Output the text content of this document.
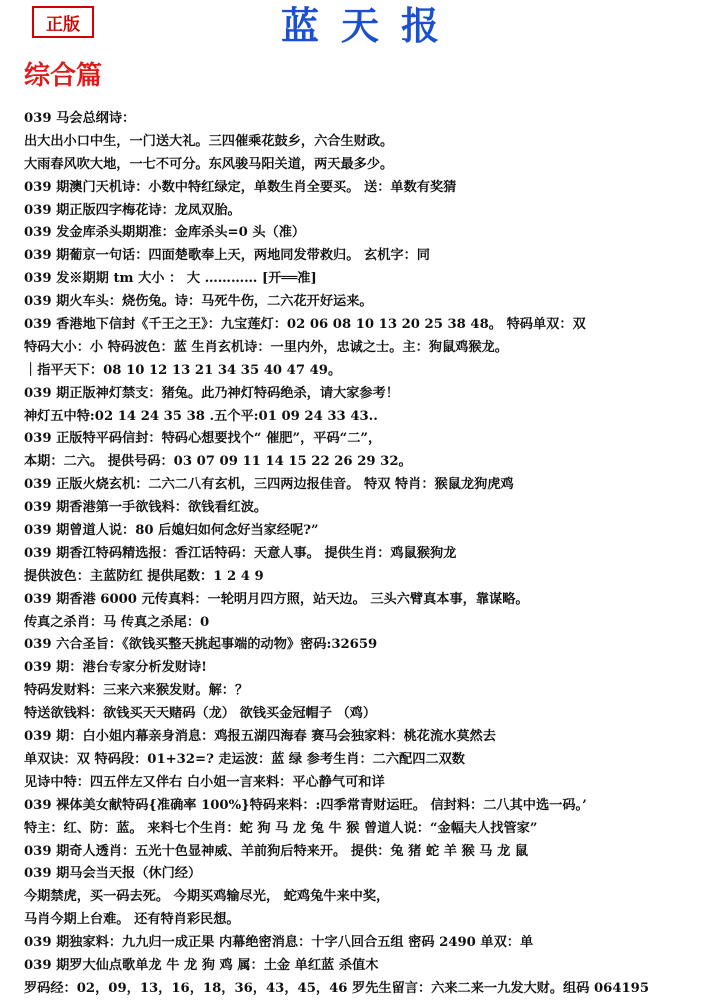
正版	蓝天报
综合篇
039 马会总纲诗：
出大出小口中生，一门送大礼。三四催乘花鼓乡，六合生财政。
大雨春风吹大地，一七不可分。东风骏马阳关道，两天最多少。
039 期澳门天机诗：小数中特红绿定，单数生肖全要买。 送：单数有奖猜
039 期正版四字梅花诗：龙凤双胎。
039 发金库杀头期期准：金库杀头=0 头（准）
039 期葡京一句话：四面楚歌奉上天，两地同发带救归。 玄机字：同
039 发※期期 tm 大小 ： 大 ………… [开══准]
039 期火车头：烧伤兔。诗：马死牛伤，二六花开好运来。
039 香港地下信封《千王之王》：九宝莲灯：02 06 08 10 13 20 25 38 48。 特码单双：双
特码大小：小 特码波色：蓝 生肖玄机诗：一里内外，忠诚之士。主：狗鼠鸡猴龙。
｜指平天下：08 10 12 13 21 34 35 40 47 49。
039 期正版神灯禁支：猪兔。此乃神灯特码绝杀，请大家参考！
神灯五中特:02 14 24 35 38 .五个平:01 09 24 33 43..
039 正版特平码信封：特码心想要找个“ 催肥”，平码“二”，
本期：二六。 提供号码：03 07 09 11 14 15 22 26 29 32。
039 正版火烧玄机：二六二八有玄机，三四两边报佳音。 特双 特肖：猴鼠龙狗虎鸡
039 期香港第一手欲钱料：欲钱看红波。
039 期曾道人说：80 后媳妇如何念好当家经呢?”
039 期香江特码精选报：香江话特码：天意人事。 提供生肖：鸡鼠猴狗龙
提供波色：主蓝防红 提供尾数：1 2 4 9
039 期香港 6000 元传真料：一轮明月四方照，站天边。 三头六臂真本事，靠谋略。
传真之杀肖：马 传真之杀尾：0
039 六合圣旨：《欲钱买整天挑起事端的动物》密码:32659
039 期：港台专家分析发财诗!
特码发财料：三来六来猴发财。解：？
特送欲钱料：欲钱买天天赌码（龙） 欲钱买金冠帽子 （鸡）
039 期：白小姐内幕亲身消息：鸡报五湖四海春 赛马会独家料：桃花流水莫然去
单双诀：双 特码段：01+32=? 走运波：蓝 绿 参考生肖：二六配四二双数
见诗中特：四五伴左又伴右 白小姐一言来料：平心静气可和详
039 裸体美女献特码{准确率 100%}特码来料：:四季常青财运旺。 信封料：二八其中选一码。’
特主：红、防：蓝。 来料七个生肖：蛇 狗 马 龙 兔 牛 猴 曾道人说：“金幅夫人找管家”
039 期奇人透肖：五光十色显神威、羊前狗后特来开。 提供：兔 猪 蛇 羊 猴 马 龙 鼠
039 期马会当天报（休门经）
今期禁虎，买一码去死。 今期买鸡输尽光， 蛇鸡兔牛来中奖，
马肖今期上台难。 还有特肖彩民想。
039 期独家料：九九归一成正果 内幕绝密消息：十字八回合五组 密码 2490 单双：单
039 期罗大仙点歌单龙 牛 龙 狗 鸡 属：土金 单红蓝 杀值木
罗码经：02，09，13，16，18，36，43，45，46 罗先生留言：六来二来一九发大财。组码 064195
